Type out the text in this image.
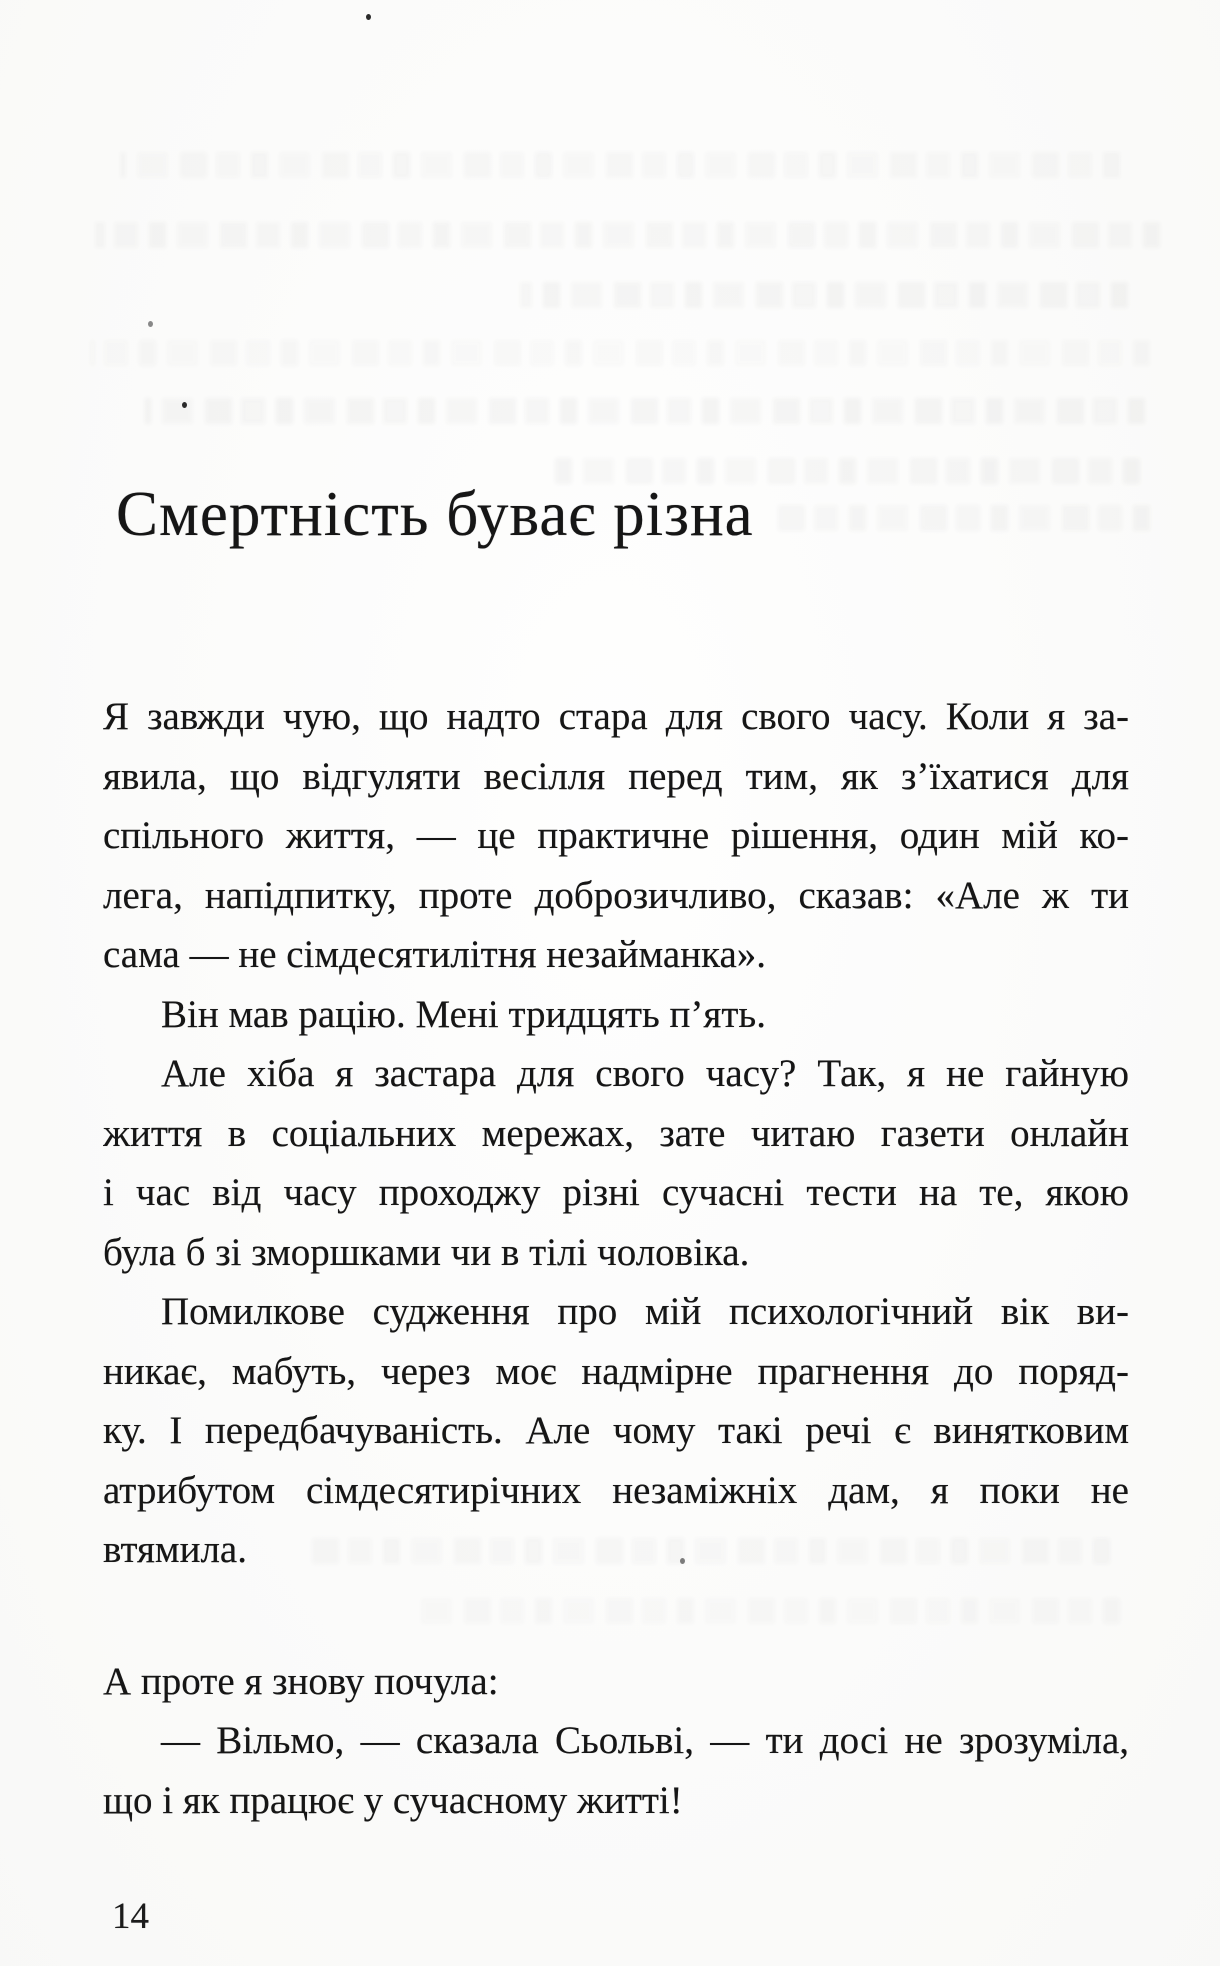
Смертність буває різна
Я завжди чую, що надто стара для свого часу. Коли я за-
явила, що відгуляти весілля перед тим, як з’їхатися для
спільного життя, — це практичне рішення, один мій ко-
лега, напідпитку, проте доброзичливо, сказав: «Але ж ти
сама — не сімдесятилітня незайманка».
Він мав рацію. Мені тридцять п’ять.
Але хіба я застара для свого часу? Так, я не гайную
життя в соціальних мережах, зате читаю газети онлайн
і час від часу проходжу різні сучасні тести на те, якою
була б зі зморшками чи в тілі чоловіка.
Помилкове судження про мій психологічний вік ви-
никає, мабуть, через моє надмірне прагнення до поряд-
ку. І передбачуваність. Але чому такі речі є винятковим
атрибутом сімдесятирічних незаміжніх дам, я поки не
втямила.
А проте я знову почула:
— Вільмо, — сказала Сьольві, — ти досі не зрозуміла,
що і як працює у сучасному житті!
14
